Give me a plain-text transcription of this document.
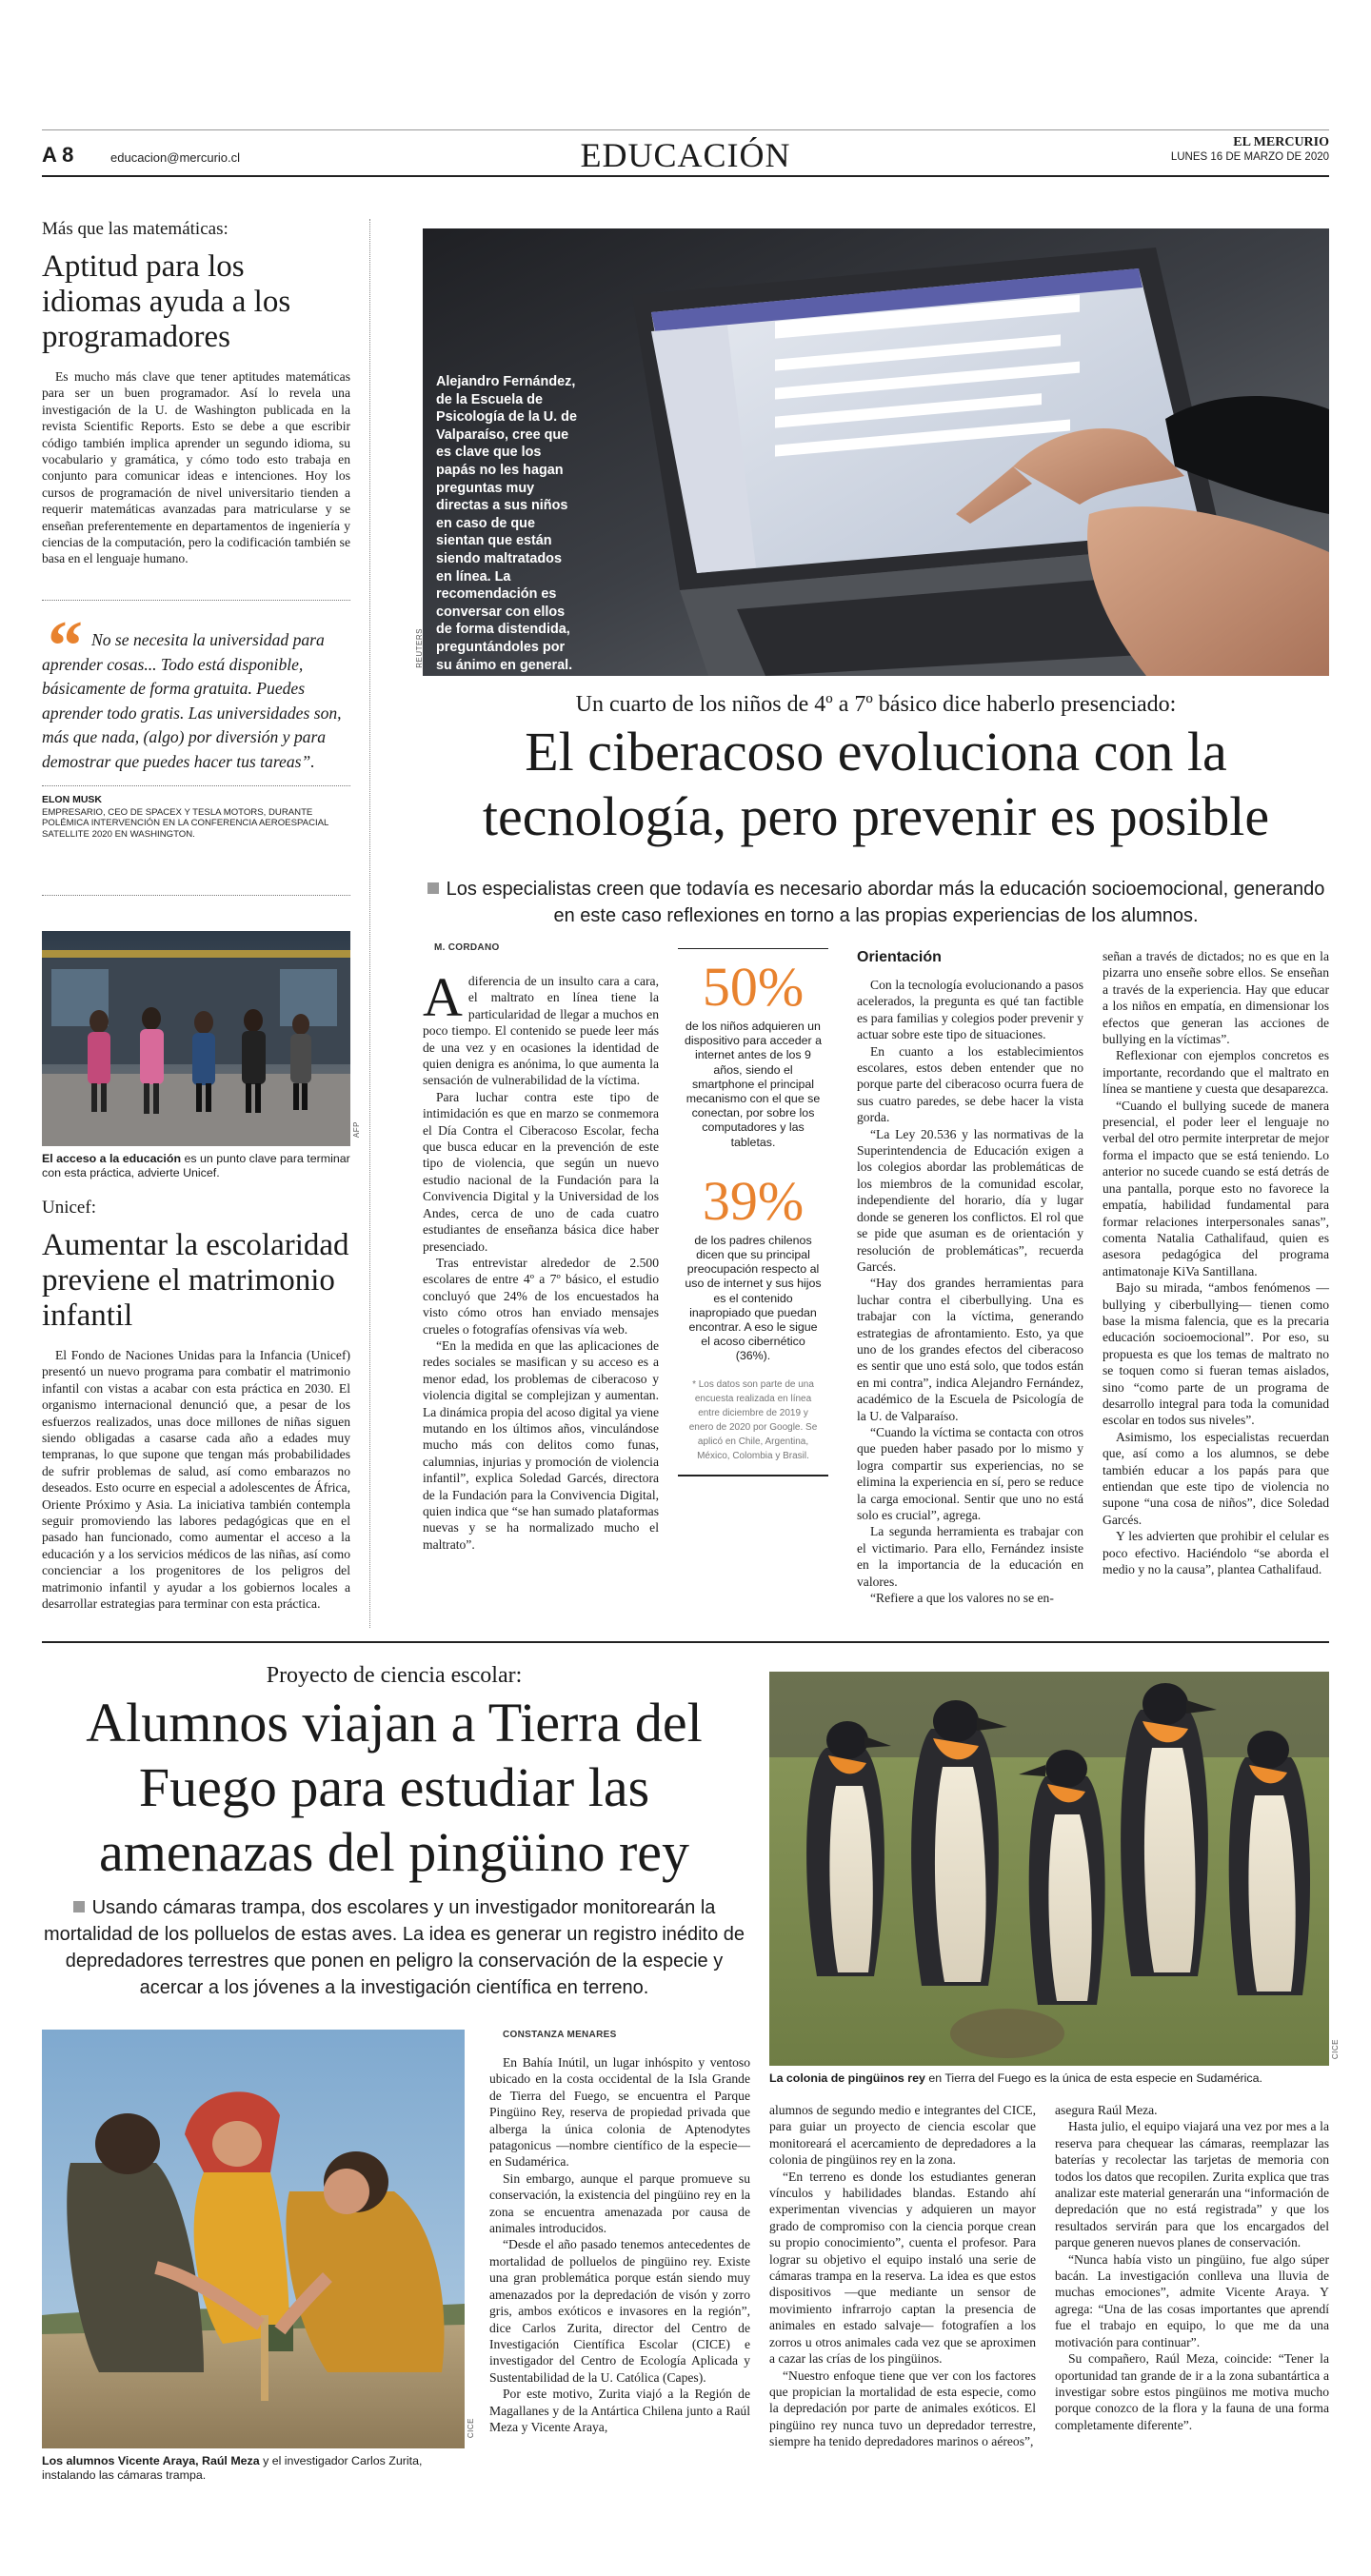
A 8	educacion@mercurio.cl	EDUCACIÓN	EL MERCURIO
LUNES 16 DE MARZO DE 2020
Más que las matemáticas:
Aptitud para los idiomas ayuda a los programadores

Es mucho más clave que tener aptitudes matemáticas para ser un buen programador. Así lo revela una investigación de la U. de Washington publicada en la revista Scientific Reports. Esto se debe a que escribir código también implica aprender un segundo idioma, su vocabulario y gramática, y cómo todo esto trabaja en conjunto para comunicar ideas e intenciones. Hoy los cursos de programación de nivel universitario tienden a requerir matemáticas avanzadas para matricularse y se enseñan preferentemente en departamentos de ingeniería y ciencias de la computación, pero la codificación también se basa en el lenguaje humano.

“ No se necesita la universidad para aprender cosas... Todo está disponible, básicamente de forma gratuita. Puedes aprender todo gratis. Las universidades son, más que nada, (algo) por diversión y para demostrar que puedes hacer tus tareas”.
ELON MUSK
EMPRESARIO, CEO DE SPACEX Y TESLA MOTORS, DURANTE POLÉMICA INTERVENCIÓN EN LA CONFERENCIA AEROESPACIAL SATELLITE 2020 EN WASHINGTON.
AFP
El acceso a la educación es un punto clave para terminar con esta práctica, advierte Unicef.
Unicef:
Aumentar la escolaridad previene el matrimonio infantil

El Fondo de Naciones Unidas para la Infancia (Unicef) presentó un nuevo programa para combatir el matrimonio infantil con vistas a acabar con esta práctica en 2030. El organismo internacional denunció que, a pesar de los esfuerzos realizados, unas doce millones de niñas siguen siendo obligadas a casarse cada año a edades muy tempranas, lo que supone que tengan más probabilidades de sufrir problemas de salud, así como embarazos no deseados. Esto ocurre en especial a adolescentes de África, Oriente Próximo y Asia. La iniciativa también contempla seguir promoviendo las labores pedagógicas que en el pasado han funcionado, como aumentar el acceso a la educación y a los servicios médicos de las niñas, así como concienciar a los progenitores de los peligros del matrimonio infantil y ayudar a los gobiernos locales a desarrollar estrategias para terminar con esta práctica.

REUTERS
Alejandro Fernández, de la Escuela de Psicología de la U. de Valparaíso, cree que es clave que los papás no les hagan preguntas muy directas a sus niños en caso de que sientan que están siendo maltratados en línea. La recomendación es conversar con ellos de forma distendida, preguntándoles por su ánimo en general.
Un cuarto de los niños de 4º a 7º básico dice haberlo presenciado:
El ciberacoso evoluciona con la tecnología, pero prevenir es posible
Los especialistas creen que todavía es necesario abordar más la educación socioemocional, generando en este caso reflexiones en torno a las propias experiencias de los alumnos.
M. CORDANO

Adiferencia de un insulto cara a cara, el maltrato en línea tiene la particularidad de llegar a muchos en poco tiempo. El contenido se puede leer más de una vez y en ocasiones la identidad de quien denigra es anónima, lo que aumenta la sensación de vulnerabilidad de la víctima.

Para luchar contra este tipo de intimidación es que en marzo se conmemora el Día Contra el Ciberacoso Escolar, fecha que busca educar en la prevención de este tipo de violencia, que según un nuevo estudio nacional de la Fundación para la Convivencia Digital y la Universidad de los Andes, cerca de uno de cada cuatro estudiantes de enseñanza básica dice haber presenciado.

Tras entrevistar alrededor de 2.500 escolares de entre 4º a 7º básico, el estudio concluyó que 24% de los encuestados ha visto cómo otros han enviado mensajes crueles o fotografías ofensivas vía web.

“En la medida en que las aplicaciones de redes sociales se masifican y su acceso es a menor edad, los problemas de ciberacoso y violencia digital se complejizan y aumentan. La dinámica propia del acoso digital ya viene mutando en los últimos años, vinculándose mucho más con delitos como funas, calumnias, injurias y promoción de violencia infantil”, explica Soledad Garcés, directora de la Fundación para la Convivencia Digital, quien indica que “se han sumado plataformas nuevas y se ha normalizado mucho el maltrato”.

50%
de los niños adquieren un dispositivo para acceder a internet antes de los 9 años, siendo el smartphone el principal mecanismo con el que se conectan, por sobre los computadores y las tabletas.
39%
de los padres chilenos dicen que su principal preocupación respecto al uso de internet y sus hijos es el contenido inapropiado que puedan encontrar. A eso le sigue el acoso cibernético (36%).
* Los datos son parte de una encuesta realizada en línea entre diciembre de 2019 y enero de 2020 por Google. Se aplicó en Chile, Argentina, México, Colombia y Brasil.
Orientación

Con la tecnología evolucionando a pasos acelerados, la pregunta es qué tan factible es para familias y colegios poder prevenir y actuar sobre este tipo de situaciones.

En cuanto a los establecimientos escolares, estos deben entender que no porque parte del ciberacoso ocurra fuera de sus cuatro paredes, se debe hacer la vista gorda.

“La Ley 20.536 y las normativas de la Superintendencia de Educación exigen a los colegios abordar las problemáticas de los miembros de la comunidad escolar, independiente del horario, día y lugar donde se generen los conflictos. El rol que se pide que asuman es de orientación y resolución de problemáticas”, recuerda Garcés.

“Hay dos grandes herramientas para luchar contra el ciberbullying. Una es trabajar con la víctima, generando estrategias de afrontamiento. Esto, ya que uno de los grandes efectos del ciberacoso es sentir que uno está solo, que todos están en mi contra”, indica Alejandro Fernández, académico de la Escuela de Psicología de la U. de Valparaíso.

“Cuando la víctima se contacta con otros que pueden haber pasado por lo mismo y logra compartir sus experiencias, no se elimina la experiencia en sí, pero se reduce la carga emocional. Sentir que uno no está solo es crucial”, agrega.

La segunda herramienta es trabajar con el victimario. Para ello, Fernández insiste en la importancia de la educación en valores.

“Refiere a que los valores no se en-

señan a través de dictados; no es que en la pizarra uno enseñe sobre ellos. Se enseñan a través de la experiencia. Hay que educar a los niños en empatía, en dimensionar los efectos que generan las acciones de bullying en la víctimas”.

Reflexionar con ejemplos concretos es importante, recordando que el maltrato en línea se mantiene y cuesta que desaparezca.

“Cuando el bullying sucede de manera presencial, el poder leer el lenguaje no verbal del otro permite interpretar de mejor forma el impacto que se está teniendo. Lo anterior no sucede cuando se está detrás de una pantalla, porque esto no favorece la empatía, habilidad fundamental para formar relaciones interpersonales sanas”, comenta Natalia Cathalifaud, quien es asesora pedagógica del programa antimatonaje KiVa Santillana.

Bajo su mirada, “ambos fenómenos —bullying y ciberbullying— tienen como base la misma falencia, que es la precaria educación socioemocional”. Por eso, su propuesta es que los temas de maltrato no se toquen como si fueran temas aislados, sino “como parte de un programa de desarrollo integral para toda la comunidad escolar en todos sus niveles”.

Asimismo, los especialistas recuerdan que, así como a los alumnos, se debe también educar a los papás para que entiendan que este tipo de violencia no supone “una cosa de niños”, dice Soledad Garcés.

Y les advierten que prohibir el celular es poco efectivo. Haciéndolo “se aborda el medio y no la causa”, plantea Cathalifaud.

Proyecto de ciencia escolar:
Alumnos viajan a Tierra del Fuego para estudiar las amenazas del pingüino rey
Usando cámaras trampa, dos escolares y un investigador monitorearán la mortalidad de los polluelos de estas aves. La idea es generar un registro inédito de depredadores terrestres que ponen en peligro la conservación de la especie y acercar a los jóvenes a la investigación científica en terreno.
CICE
La colonia de pingüinos rey en Tierra del Fuego es la única de esta especie en Sudamérica.
CICE
Los alumnos Vicente Araya, Raúl Meza y el investigador Carlos Zurita, instalando las cámaras trampa.
CONSTANZA MENARES

En Bahía Inútil, un lugar inhóspito y ventoso ubicado en la costa occidental de la Isla Grande de Tierra del Fuego, se encuentra el Parque Pingüino Rey, reserva de propiedad privada que alberga la única colonia de Aptenodytes patagonicus —nombre científico de la especie— en Sudamérica.

Sin embargo, aunque el parque promueve su conservación, la existencia del pingüino rey en la zona se encuentra amenazada por causa de animales introducidos.

“Desde el año pasado tenemos antecedentes de mortalidad de polluelos de pingüino rey. Existe una gran problemática porque están siendo muy amenazados por la depredación de visón y zorro gris, ambos exóticos e invasores en la región”, dice Carlos Zurita, director del Centro de Investigación Científica Escolar (CICE) e investigador del Centro de Ecología Aplicada y Sustentabilidad de la U. Católica (Capes).

Por este motivo, Zurita viajó a la Región de Magallanes y de la Antártica Chilena junto a Raúl Meza y Vicente Araya,

alumnos de segundo medio e integrantes del CICE, para guiar un proyecto de ciencia escolar que monitoreará el acercamiento de depredadores a la colonia de pingüinos rey en la zona.

“En terreno es donde los estudiantes generan vínculos y habilidades blandas. Estando ahí experimentan vivencias y adquieren un mayor grado de compromiso con la ciencia porque crean su propio conocimiento”, cuenta el profesor. Para lograr su objetivo el equipo instaló una serie de cámaras trampa en la reserva. La idea es que estos dispositivos —que mediante un sensor de movimiento infrarrojo captan la presencia de animales en estado salvaje— fotografíen a los zorros u otros animales cada vez que se aproximen a cazar las crías de los pingüinos.

“Nuestro enfoque tiene que ver con los factores que propician la mortalidad de esta especie, como la depredación por parte de animales exóticos. El pingüino rey nunca tuvo un depredador terrestre, siempre ha tenido depredadores marinos o aéreos”,

asegura Raúl Meza.

Hasta julio, el equipo viajará una vez por mes a la reserva para chequear las cámaras, reemplazar las baterías y recolectar las tarjetas de memoria con todos los datos que recopilen. Zurita explica que tras analizar este material generarán una “información de depredación que no está registrada” y que los resultados servirán para que los encargados del parque generen nuevos planes de conservación.

“Nunca había visto un pingüino, fue algo súper bacán. La investigación conlleva una lluvia de muchas emociones”, admite Vicente Araya. Y agrega: “Una de las cosas importantes que aprendí fue el trabajo en equipo, lo que me da una motivación para continuar”.

Su compañero, Raúl Meza, coincide: “Tener la oportunidad tan grande de ir a la zona subantártica a investigar sobre estos pingüinos me motiva mucho porque conozco de la flora y la fauna de una forma completamente diferente”.
